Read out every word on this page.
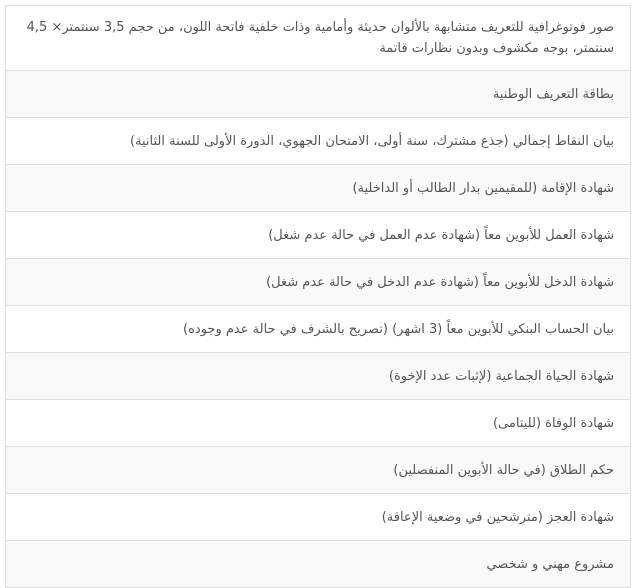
صور فوتوغرافية للتعريف متشابهة بالألوان حديثة وأمامية وذات خلفية فاتحة اللون، من حجم 3,5 سنتمتر× 4,5 سنتمتر، بوجه مكشوف وبدون نظارات قاتمة
بطاقة التعريف الوطنية
بيان النقاط إجمالي (جذع مشترك، سنة أولى، الامتحان الجهوي، الدورة الأولى للسنة الثانية)
شهادة الإقامة (للمقيمين بدار الطالب أو الداخلية)
شهادة العمل للأبوين معاً (شهادة عدم العمل في حالة عدم شغل)
شهادة الدخل للأبوين معاً (شهادة عدم الدخل في حالة عدم شغل)
بيان الحساب البنكي للأبوين معاً (3 اشهر) (تصريح بالشرف في حالة عدم وجوده)
شهادة الحياة الجماعية (لإثبات عدد الإخوة)
شهادة الوفاة (لليتامى)
حكم الطلاق (في حالة الأبوين المنفصلين)
شهادة العجز (مترشحين في وضعية الإعاقة)
مشروع مهني و شخصي
